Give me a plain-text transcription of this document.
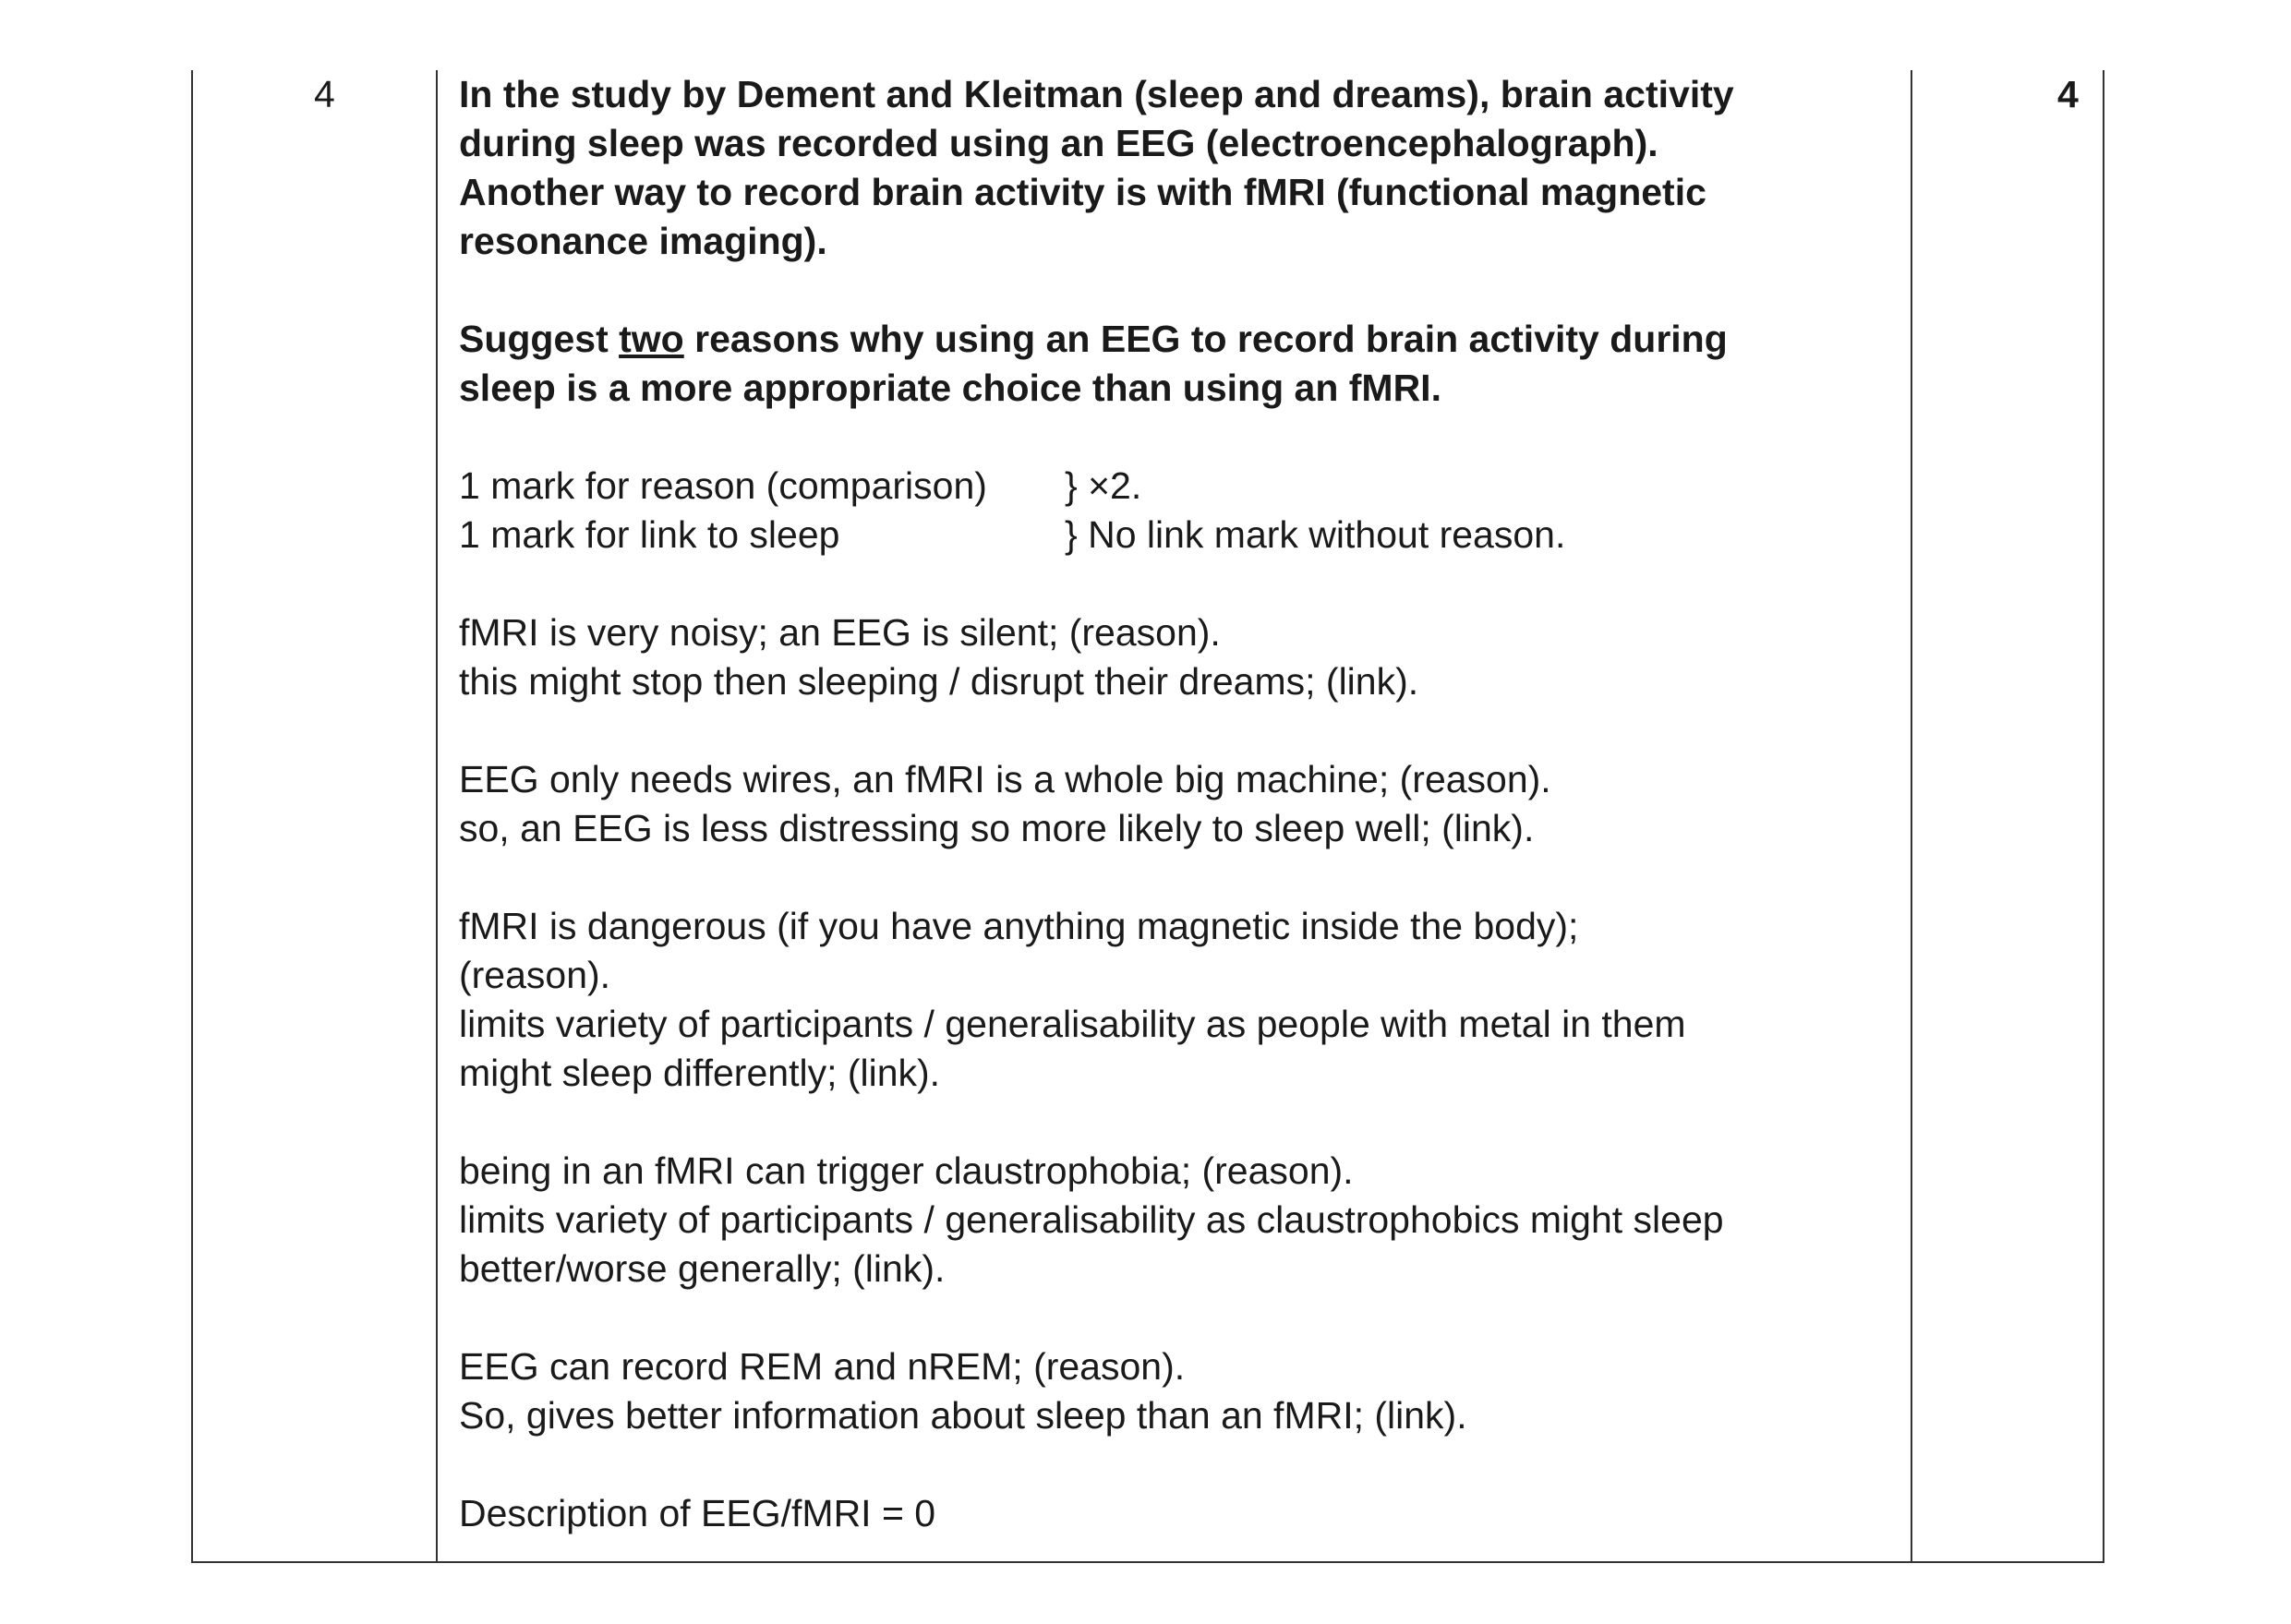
4	4

In the study by Dement and Kleitman (sleep and dreams), brain activity
during sleep was recorded using an EEG (electroencephalograph).
Another way to record brain activity is with fMRI (functional magnetic
resonance imaging).

Suggest two reasons why using an EEG to record brain activity during
sleep is a more appropriate choice than using an fMRI.

1 mark for reason (comparison) } ×2.
1 mark for link to sleep	} No link mark without reason.

fMRI is very noisy; an EEG is silent; (reason).
this might stop then sleeping / disrupt their dreams; (link).

EEG only needs wires, an fMRI is a whole big machine; (reason).
so, an EEG is less distressing so more likely to sleep well; (link).

fMRI is dangerous (if you have anything magnetic inside the body);
(reason).
limits variety of participants / generalisability as people with metal in them
might sleep differently; (link).

being in an fMRI can trigger claustrophobia; (reason).
limits variety of participants / generalisability as claustrophobics might sleep
better/worse generally; (link).

EEG can record REM and nREM; (reason).
So, gives better information about sleep than an fMRI; (link).

Description of EEG/fMRI = 0
